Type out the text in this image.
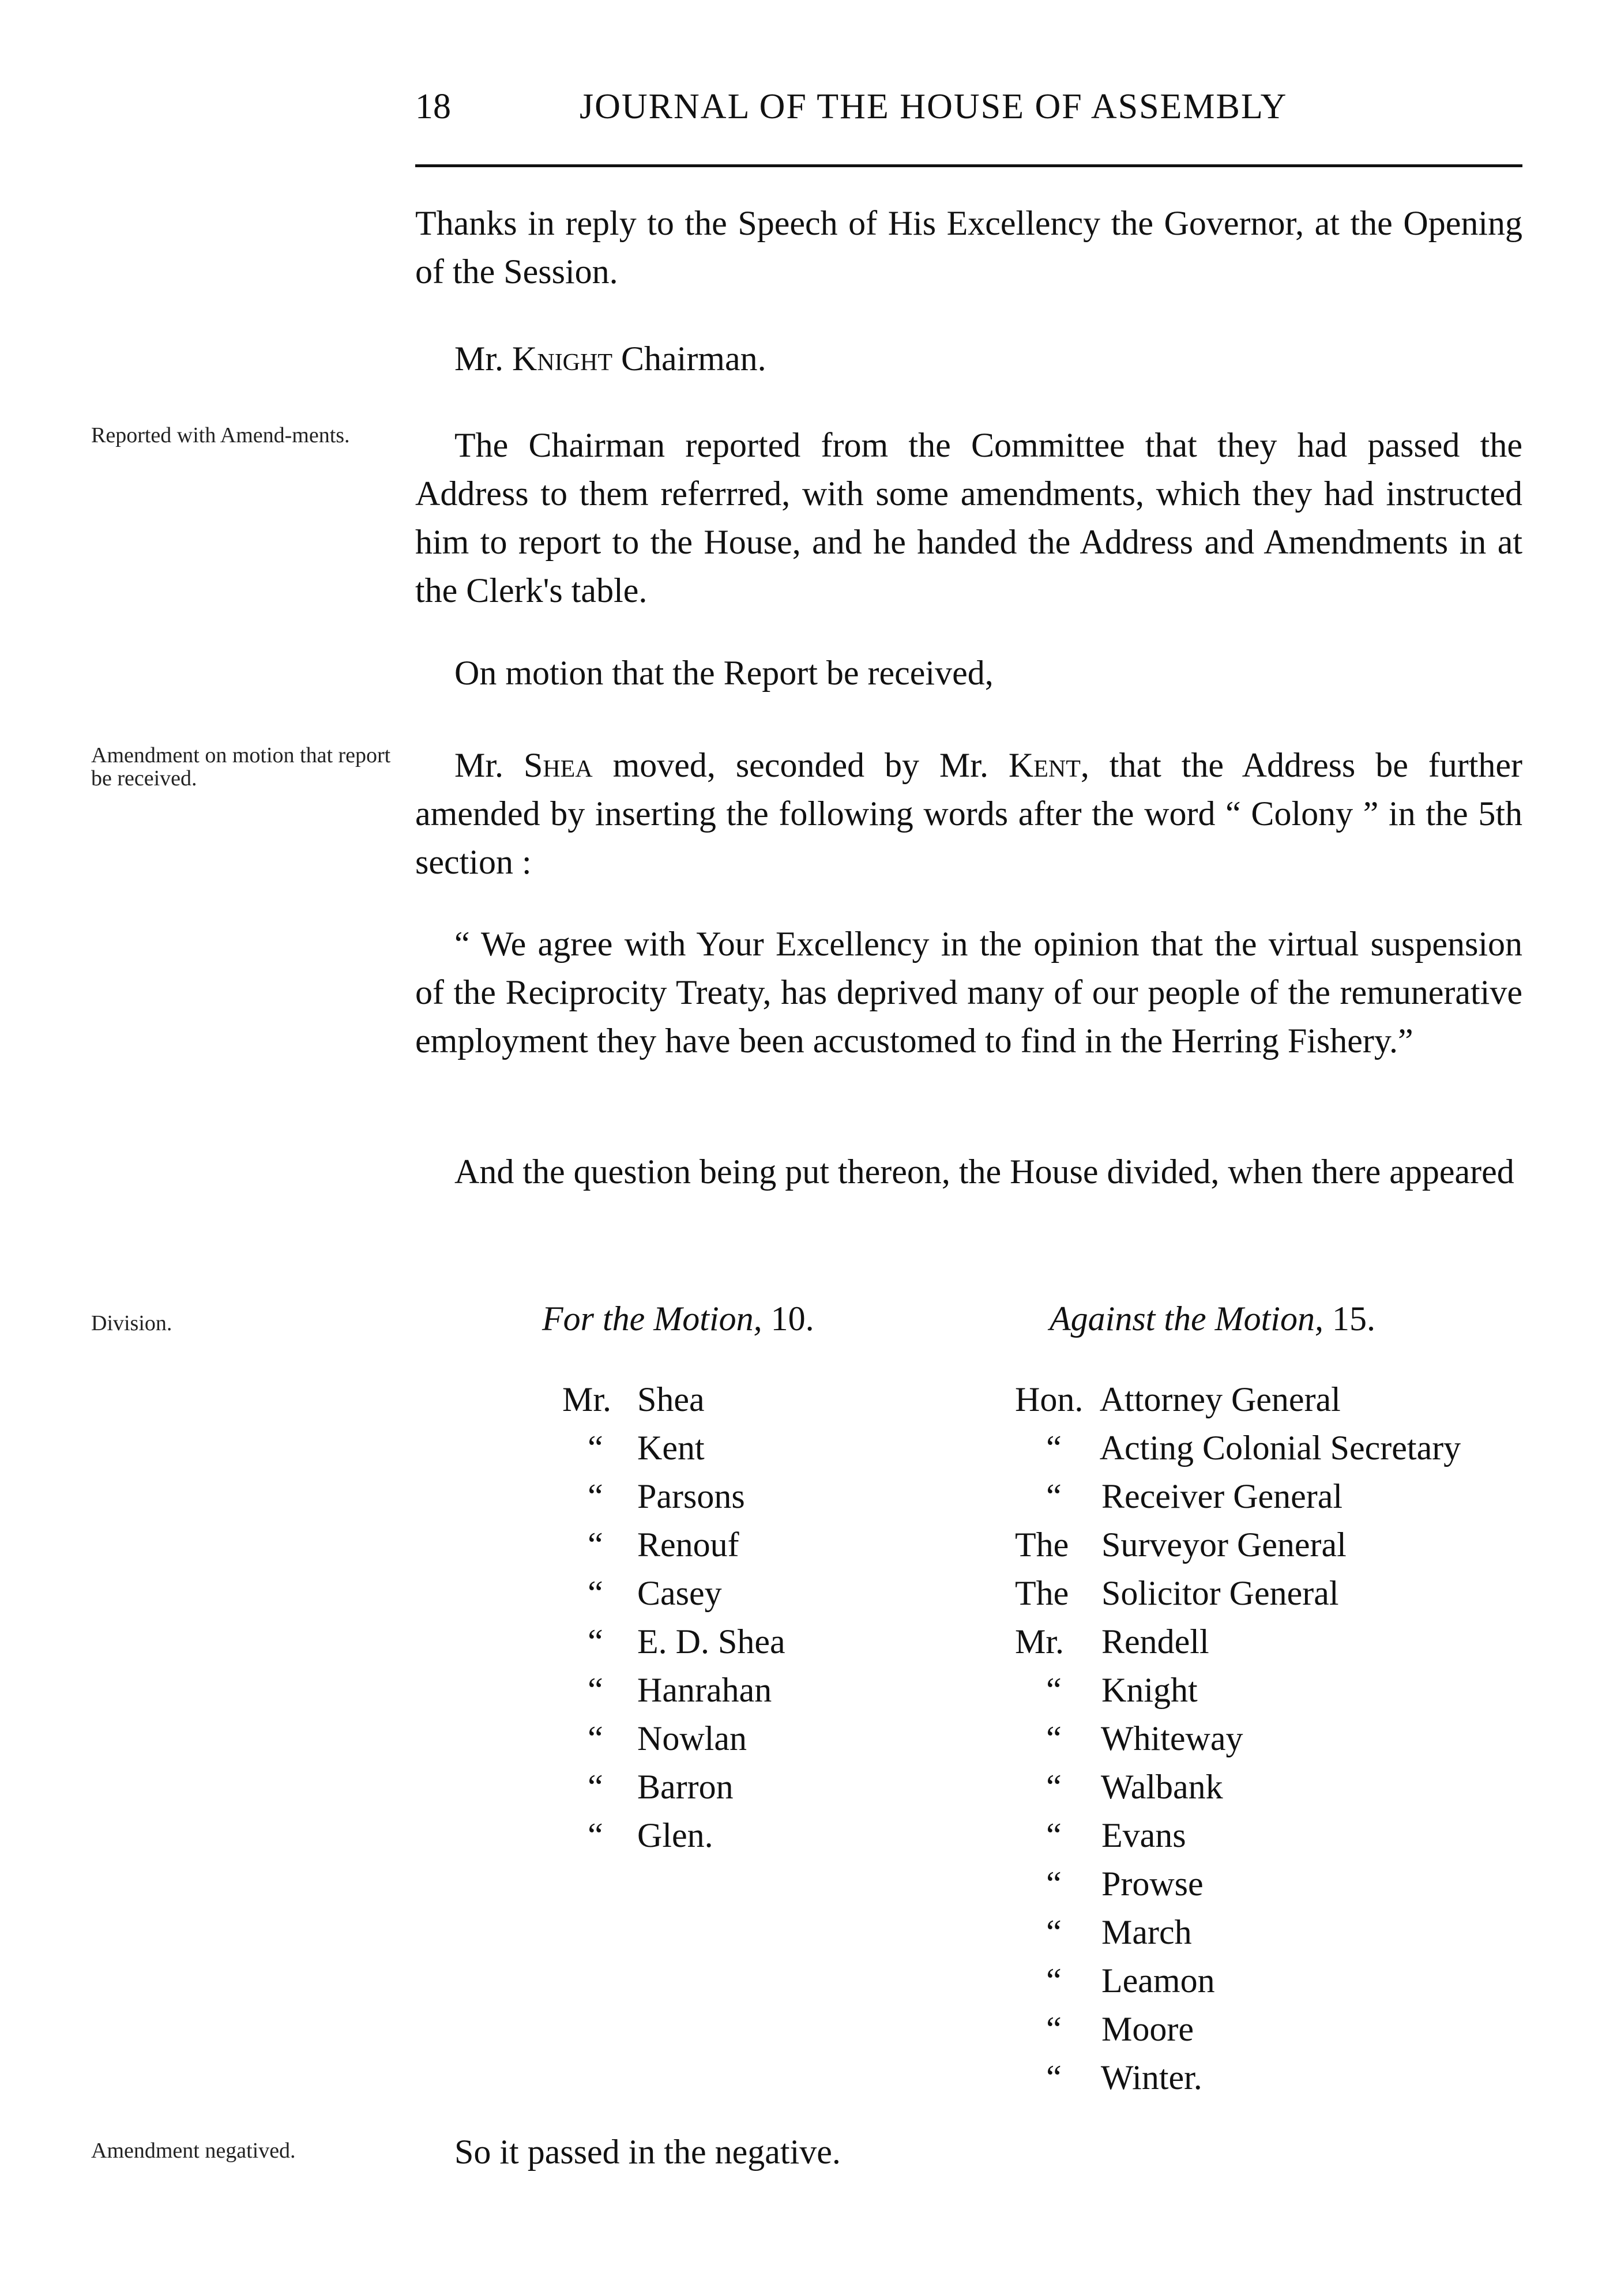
18	JOURNAL OF THE HOUSE OF ASSEMBLY
Thanks in reply to the Speech of His Excellency the Governor, at the Opening of the Session.
Mr. Knight Chairman.
Reported with Amend-ments.	The Chairman reported from the Committee that they had passed the Address to them referrred, with some amendments, which they had instructed him to report to the House, and he handed the Address and Amendments in at the Clerk's table.
On motion that the Report be received,
Amendment on motion that report be received.	Mr. Shea moved, seconded by Mr. Kent, that the Address be further amended by inserting the following words after the word “ Colony ” in the 5th section :
“ We agree with Your Excellency in the opinion that the virtual suspension of the Reciprocity Treaty, has deprived many of our people of the remunerative employment they have been accustomed to find in the Herring Fishery.”
And the question being put thereon, the House divided, when there appeared
Division.	For the Motion, 10.	Against the Motion, 15.
Mr. Shea
“ Kent
“ Parsons
“ Renouf
“ Casey
“ E. D. Shea
“ Hanrahan
“ Nowlan
“ Barron
“ Glen.
Hon. Attorney General
“ Acting Colonial Secretary
“ Receiver General
The Surveyor General
The Solicitor General
Mr. Rendell
“ Knight
“ Whiteway
“ Walbank
“ Evans
“ Prowse
“ March
“ Leamon
“ Moore
“ Winter.
Amendment negatived.	So it passed in the negative.
